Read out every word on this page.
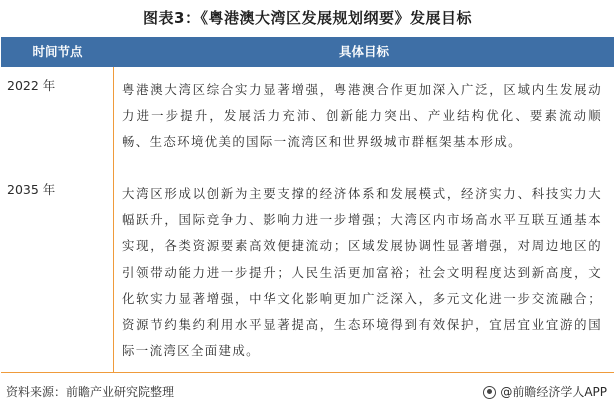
图表3：《粤港澳大湾区发展规划纲要》发展目标
时间节点	具体目标
2022 年	粤港澳大湾区综合实力显著增强，粤港澳合作更加深入广泛，区域内生发展动力进一步提升，发展活力充沛、创新能力突出、产业结构优化、要素流动顺畅、生态环境优美的国际一流湾区和世界级城市群框架基本形成。
2035 年	大湾区形成以创新为主要支撑的经济体系和发展模式，经济实力、科技实力大幅跃升，国际竞争力、影响力进一步增强；大湾区内市场高水平互联互通基本实现，各类资源要素高效便捷流动；区域发展协调性显著增强，对周边地区的引领带动能力进一步提升；人民生活更加富裕；社会文明程度达到新高度，文化软实力显著增强，中华文化影响更加广泛深入，多元文化进一步交流融合；资源节约集约利用水平显著提高，生态环境得到有效保护，宜居宜业宜游的国际一流湾区全面建成。
资料来源：前瞻产业研究院整理	@前瞻经济学人APP
